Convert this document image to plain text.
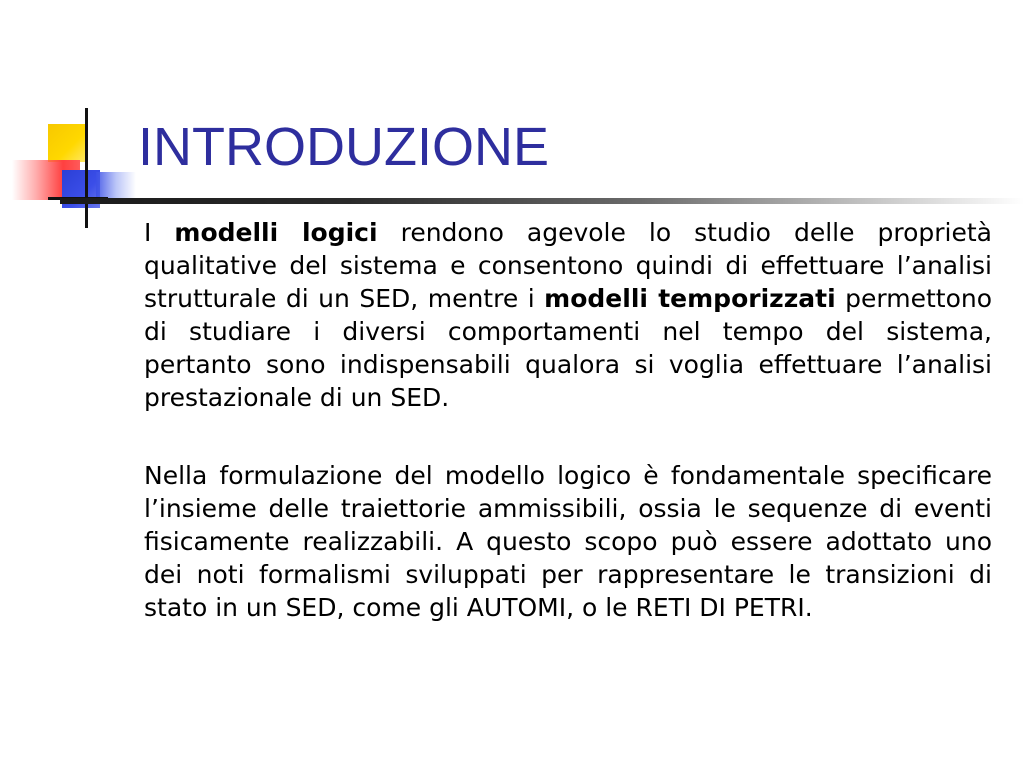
INTRODUZIONE

I modelli logici rendono agevole lo studio delle proprietà qualitative del sistema e consentono quindi di effettuare l’analisi strutturale di un SED, mentre i modelli temporizzati permettono di studiare i diversi comportamenti nel tempo del sistema, pertanto sono indispensabili qualora si voglia effettuare l’analisi prestazionale di un SED.

Nella formulazione del modello logico è fondamentale specificare l’insieme delle traiettorie ammissibili, ossia le sequenze di eventi fisicamente realizzabili. A questo scopo può essere adottato uno dei noti formalismi sviluppati per rappresentare le transizioni di stato in un SED, come gli AUTOMI, o le RETI DI PETRI.
